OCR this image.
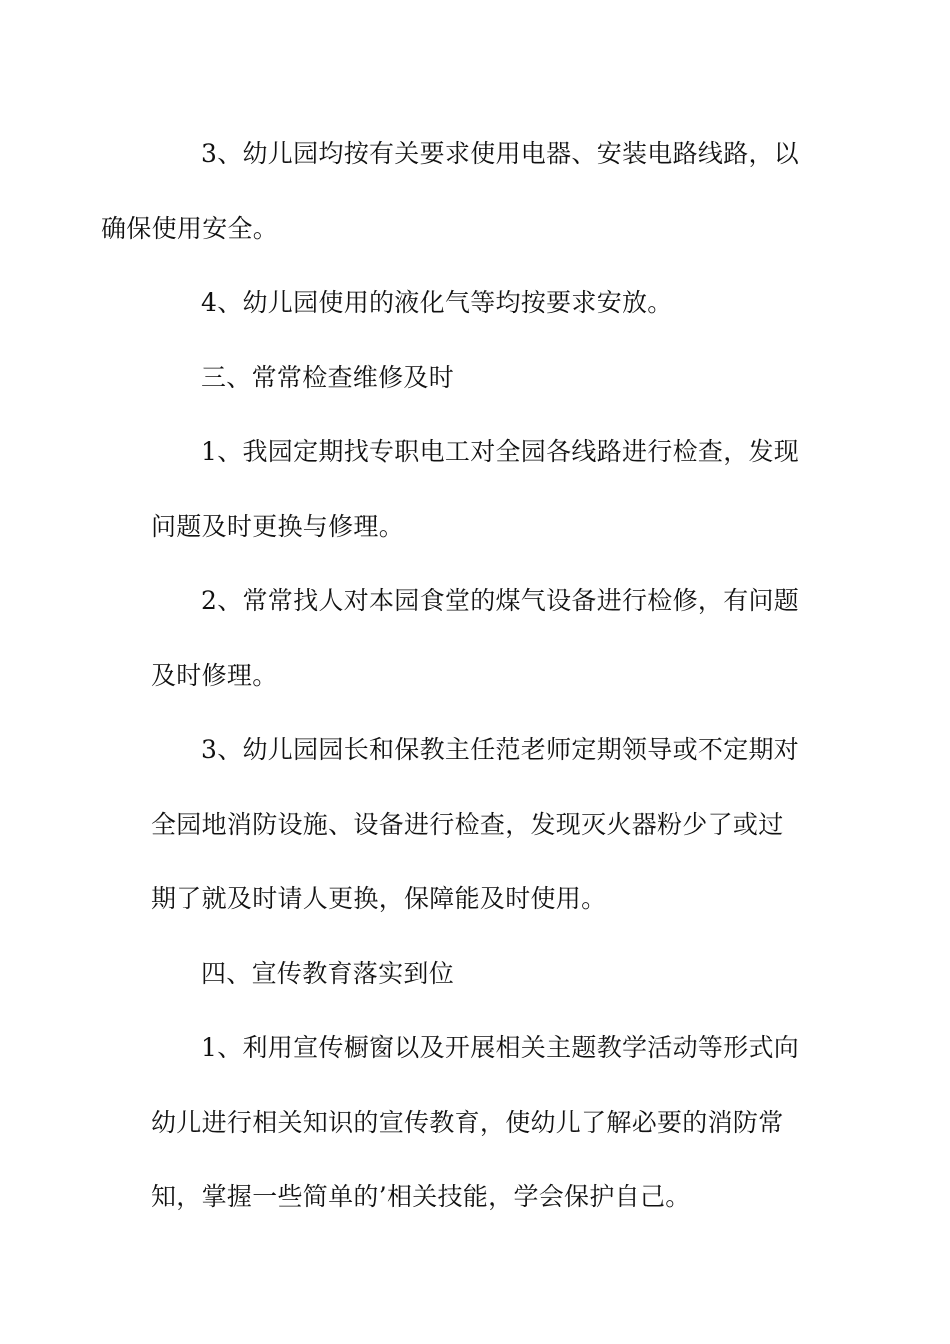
3、幼儿园均按有关要求使用电器、安装电路线路，以
确保使用安全。

4、幼儿园使用的液化气等均按要求安放。

三、常常检查维修及时

1、我园定期找专职电工对全园各线路进行检查，发现
问题及时更换与修理。

2、常常找人对本园食堂的煤气设备进行检修，有问题
及时修理。

3、幼儿园园长和保教主任范老师定期领导或不定期对
全园地消防设施、设备进行检查，发现灭火器粉少了或过
期了就及时请人更换，保障能及时使用。

四、宣传教育落实到位

1、利用宣传橱窗以及开展相关主题教学活动等形式向
幼儿进行相关知识的宣传教育，使幼儿了解必要的消防常
知，掌握一些简单的’相关技能，学会保护自己。
